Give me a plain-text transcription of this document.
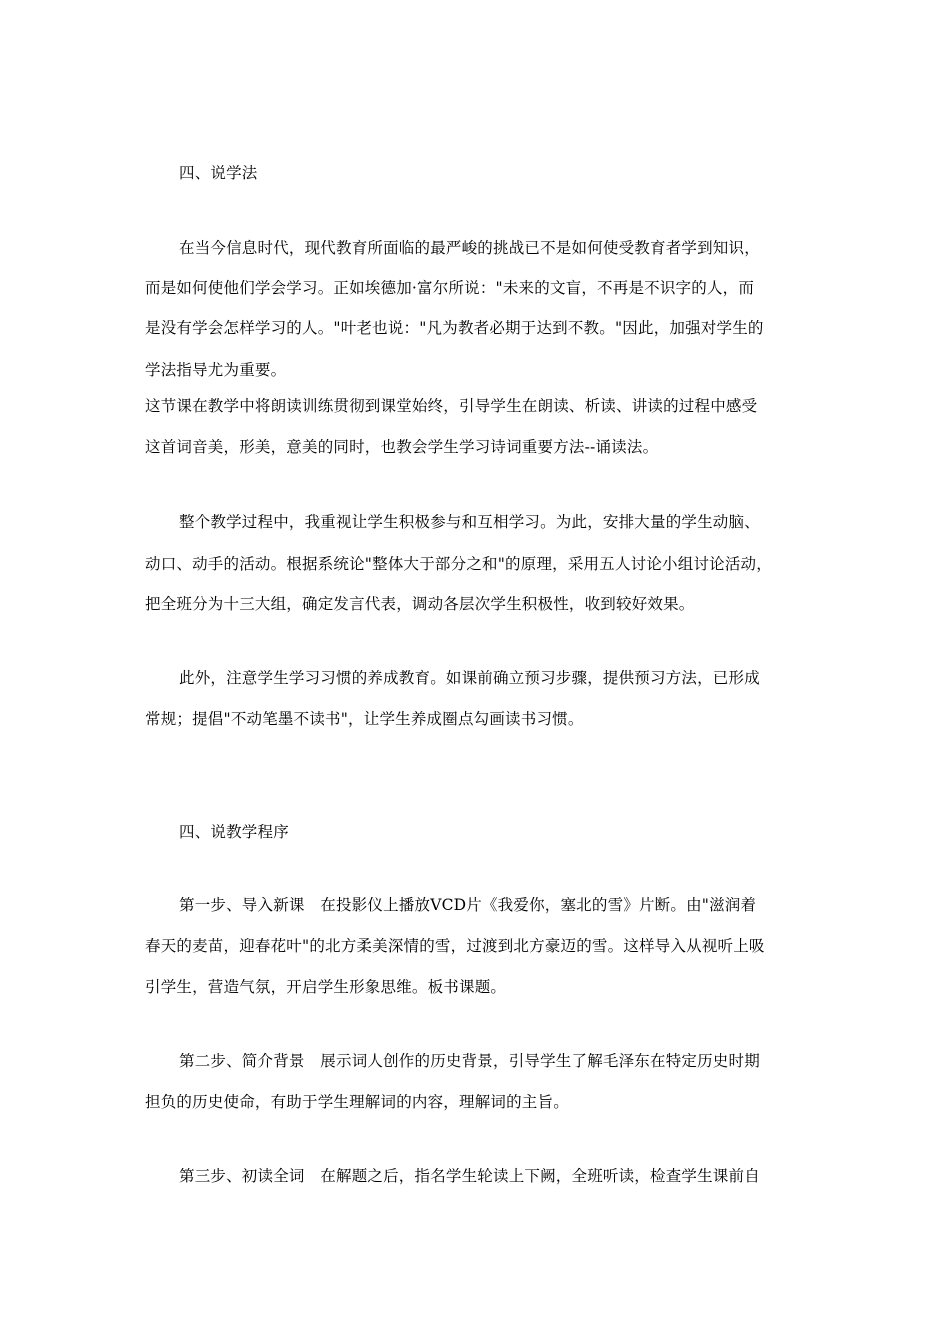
四、说学法
在当今信息时代，现代教育所面临的最严峻的挑战已不是如何使受教育者学到知识，
而是如何使他们学会学习。正如埃德加·富尔所说："未来的文盲，不再是不识字的人，而
是没有学会怎样学习的人。"叶老也说："凡为教者必期于达到不教。"因此，加强对学生的
学法指导尤为重要。
这节课在教学中将朗读训练贯彻到课堂始终，引导学生在朗读、析读、讲读的过程中感受
这首词音美，形美，意美的同时，也教会学生学习诗词重要方法--诵读法。
整个教学过程中，我重视让学生积极参与和互相学习。为此，安排大量的学生动脑、
动口、动手的活动。根据系统论"整体大于部分之和"的原理，采用五人讨论小组讨论活动，
把全班分为十三大组，确定发言代表，调动各层次学生积极性，收到较好效果。
此外，注意学生学习习惯的养成教育。如课前确立预习步骤，提供预习方法，已形成
常规；提倡"不动笔墨不读书"，让学生养成圈点勾画读书习惯。
四、说教学程序
第一步、导入新课　在投影仪上播放VCD片《我爱你，塞北的雪》片断。由"滋润着
春天的麦苗，迎春花叶"的北方柔美深情的雪，过渡到北方豪迈的雪。这样导入从视听上吸
引学生，营造气氛，开启学生形象思维。板书课题。
第二步、简介背景　展示词人创作的历史背景，引导学生了解毛泽东在特定历史时期
担负的历史使命，有助于学生理解词的内容，理解词的主旨。
第三步、初读全词　在解题之后，指名学生轮读上下阙，全班听读，检查学生课前自
